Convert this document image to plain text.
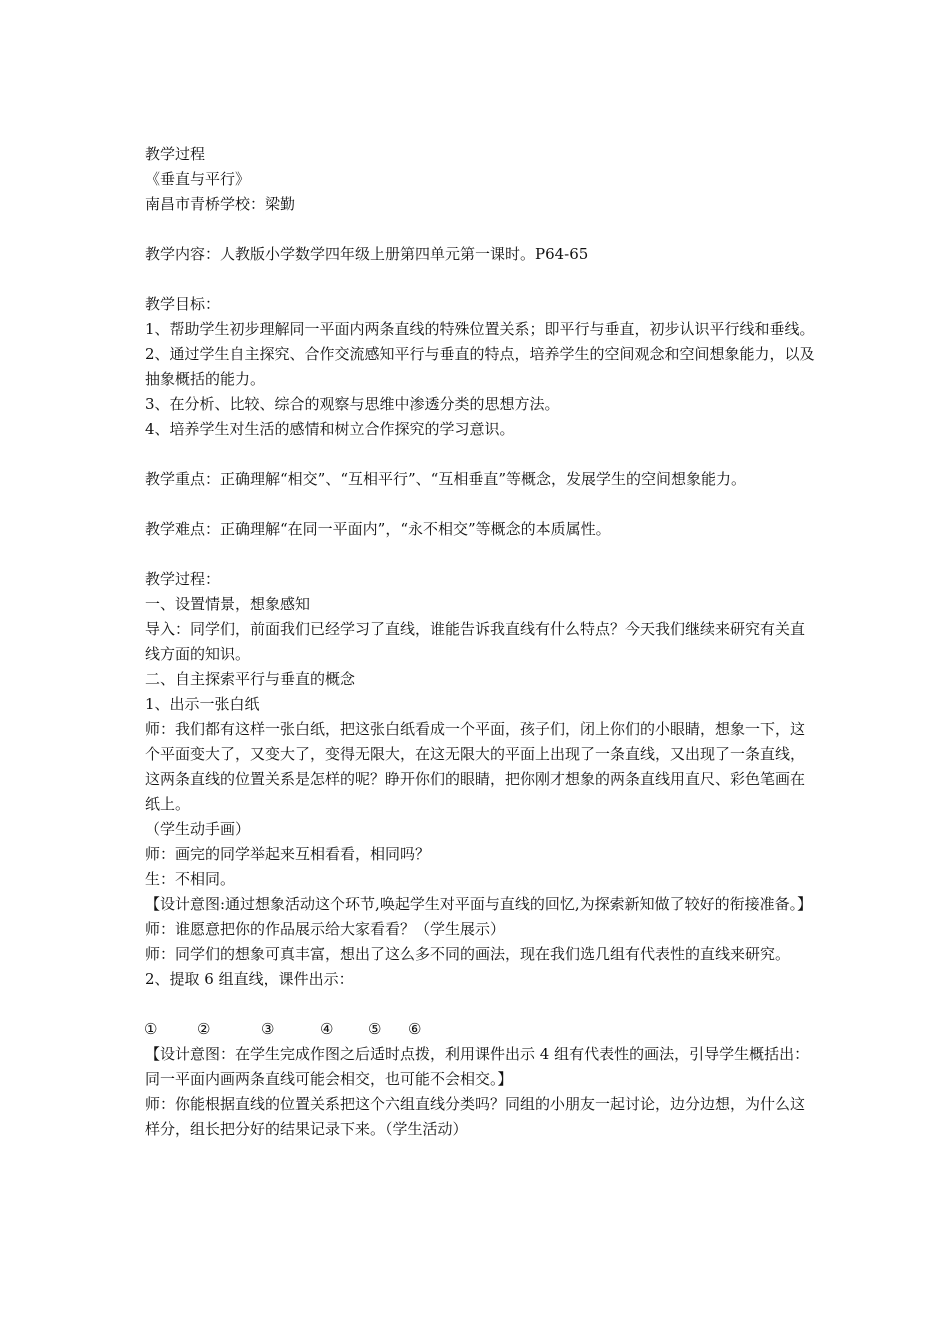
教学过程
《垂直与平行》
南昌市青桥学校：梁勤
教学内容：人教版小学数学四年级上册第四单元第一课时。P64-65
教学目标：
1、帮助学生初步理解同一平面内两条直线的特殊位置关系；即平行与垂直，初步认识平行线和垂线。
2、通过学生自主探究、合作交流感知平行与垂直的特点，培养学生的空间观念和空间想象能力，以及抽象概括的能力。
3、在分析、比较、综合的观察与思维中渗透分类的思想方法。
4、培养学生对生活的感情和树立合作探究的学习意识。
教学重点：正确理解“相交”、“互相平行”、“互相垂直”等概念，发展学生的空间想象能力。
教学难点：正确理解“在同一平面内”，“永不相交”等概念的本质属性。
教学过程：
一、设置情景，想象感知
导入：同学们，前面我们已经学习了直线，谁能告诉我直线有什么特点？今天我们继续来研究有关直线方面的知识。
二、自主探索平行与垂直的概念
1、出示一张白纸
师：我们都有这样一张白纸，把这张白纸看成一个平面，孩子们，闭上你们的小眼睛，想象一下，这个平面变大了，又变大了，变得无限大，在这无限大的平面上出现了一条直线，又出现了一条直线，这两条直线的位置关系是怎样的呢？睁开你们的眼睛，把你刚才想象的两条直线用直尺、彩色笔画在纸上。
（学生动手画）
师：画完的同学举起来互相看看，相同吗？
生：不相同。
【设计意图:通过想象活动这个环节,唤起学生对平面与直线的回忆,为探索新知做了较好的衔接准备。】
师：谁愿意把你的作品展示给大家看看？（学生展示）
师：同学们的想象可真丰富，想出了这么多不同的画法，现在我们选几组有代表性的直线来研究。
2、提取 6 组直线，课件出示：
①	②	③	④ ⑤ ⑥
【设计意图：在学生完成作图之后适时点拨，利用课件出示 4 组有代表性的画法，引导学生概括出：同一平面内画两条直线可能会相交，也可能不会相交。】
师：你能根据直线的位置关系把这个六组直线分类吗？同组的小朋友一起讨论，边分边想，为什么这样分，组长把分好的结果记录下来。（学生活动）
